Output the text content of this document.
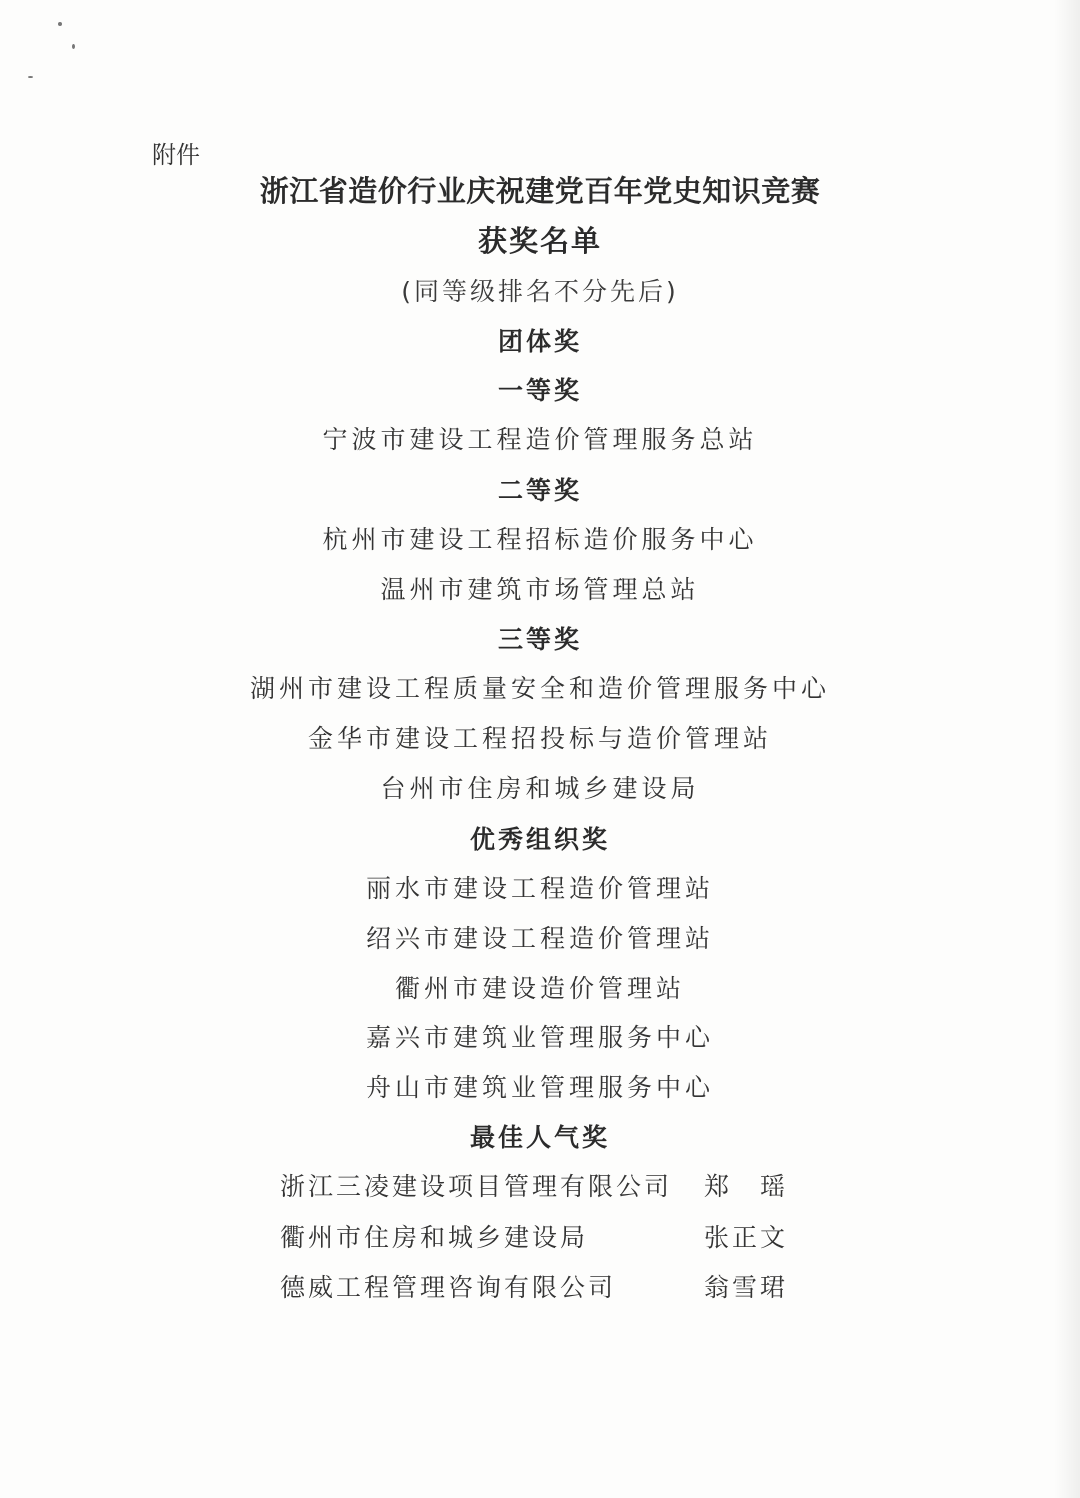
附件
浙江省造价行业庆祝建党百年党史知识竞赛
获奖名单
(同等级排名不分先后)
团体奖
一等奖
宁波市建设工程造价管理服务总站
二等奖
杭州市建设工程招标造价服务中心
温州市建筑市场管理总站
三等奖
湖州市建设工程质量安全和造价管理服务中心
金华市建设工程招投标与造价管理站
台州市住房和城乡建设局
优秀组织奖
丽水市建设工程造价管理站
绍兴市建设工程造价管理站
衢州市建设造价管理站
嘉兴市建筑业管理服务中心
舟山市建筑业管理服务中心
最佳人气奖
浙江三凌建设项目管理有限公司 郑　瑶
衢州市住房和城乡建设局	张正文
德威工程管理咨询有限公司	翁雪珺
